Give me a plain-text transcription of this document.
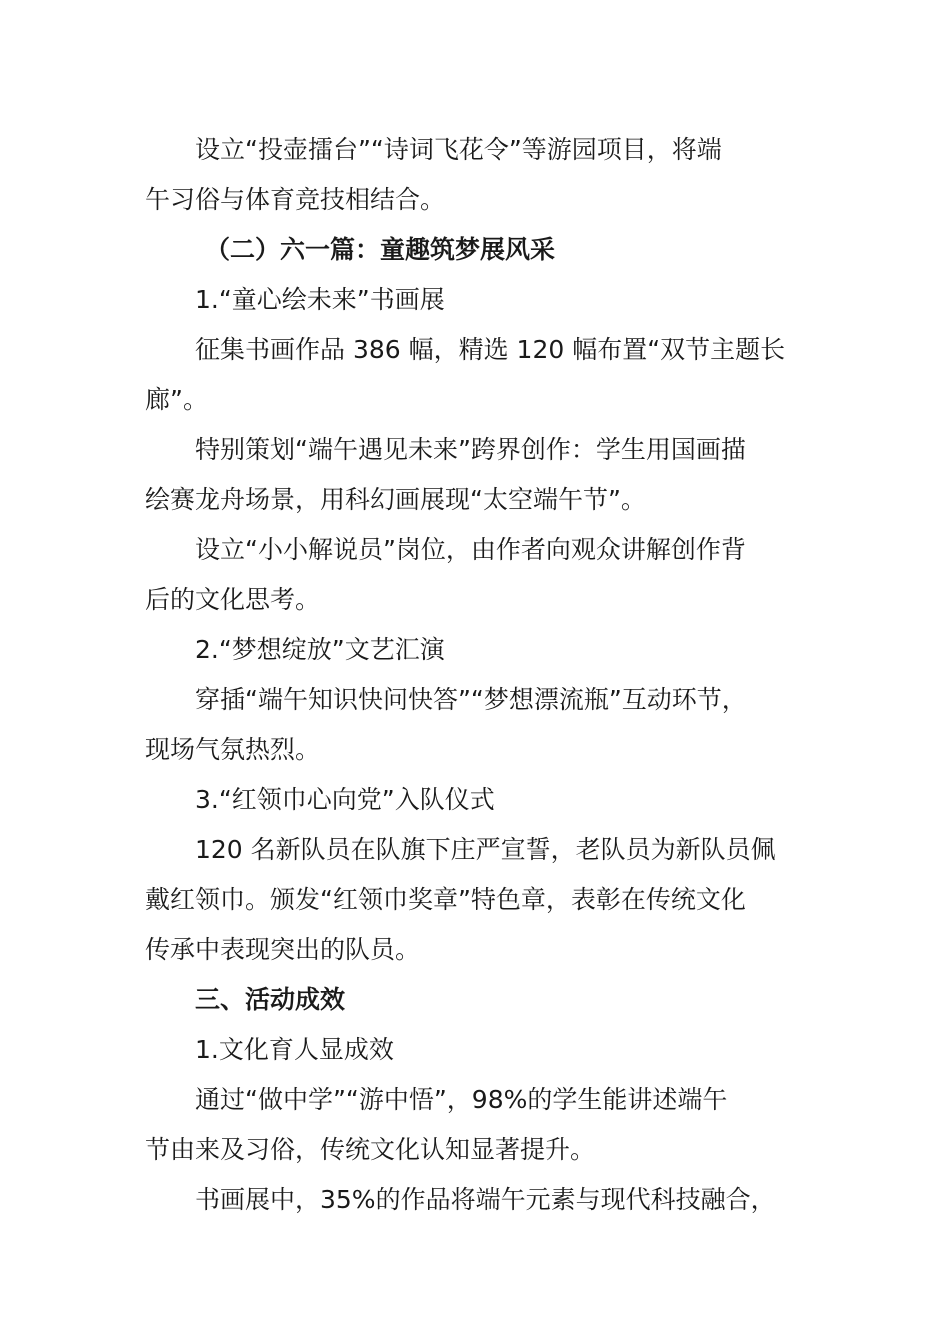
设立“投壶擂台”“诗词飞花令”等游园项目，将端
午习俗与体育竞技相结合。
（二）六一篇：童趣筑梦展风采
1.“童心绘未来”书画展
征集书画作品 386 幅，精选 120 幅布置“双节主题长
廊”。
特别策划“端午遇见未来”跨界创作：学生用国画描
绘赛龙舟场景，用科幻画展现“太空端午节”。
设立“小小解说员”岗位，由作者向观众讲解创作背
后的文化思考。
2.“梦想绽放”文艺汇演
穿插“端午知识快问快答”“梦想漂流瓶”互动环节，
现场气氛热烈。
3.“红领巾心向党”入队仪式
120 名新队员在队旗下庄严宣誓，老队员为新队员佩
戴红领巾。颁发“红领巾奖章”特色章，表彰在传统文化
传承中表现突出的队员。
三、活动成效
1.文化育人显成效
通过“做中学”“游中悟”，98%的学生能讲述端午
节由来及习俗，传统文化认知显著提升。
书画展中，35%的作品将端午元素与现代科技融合，
